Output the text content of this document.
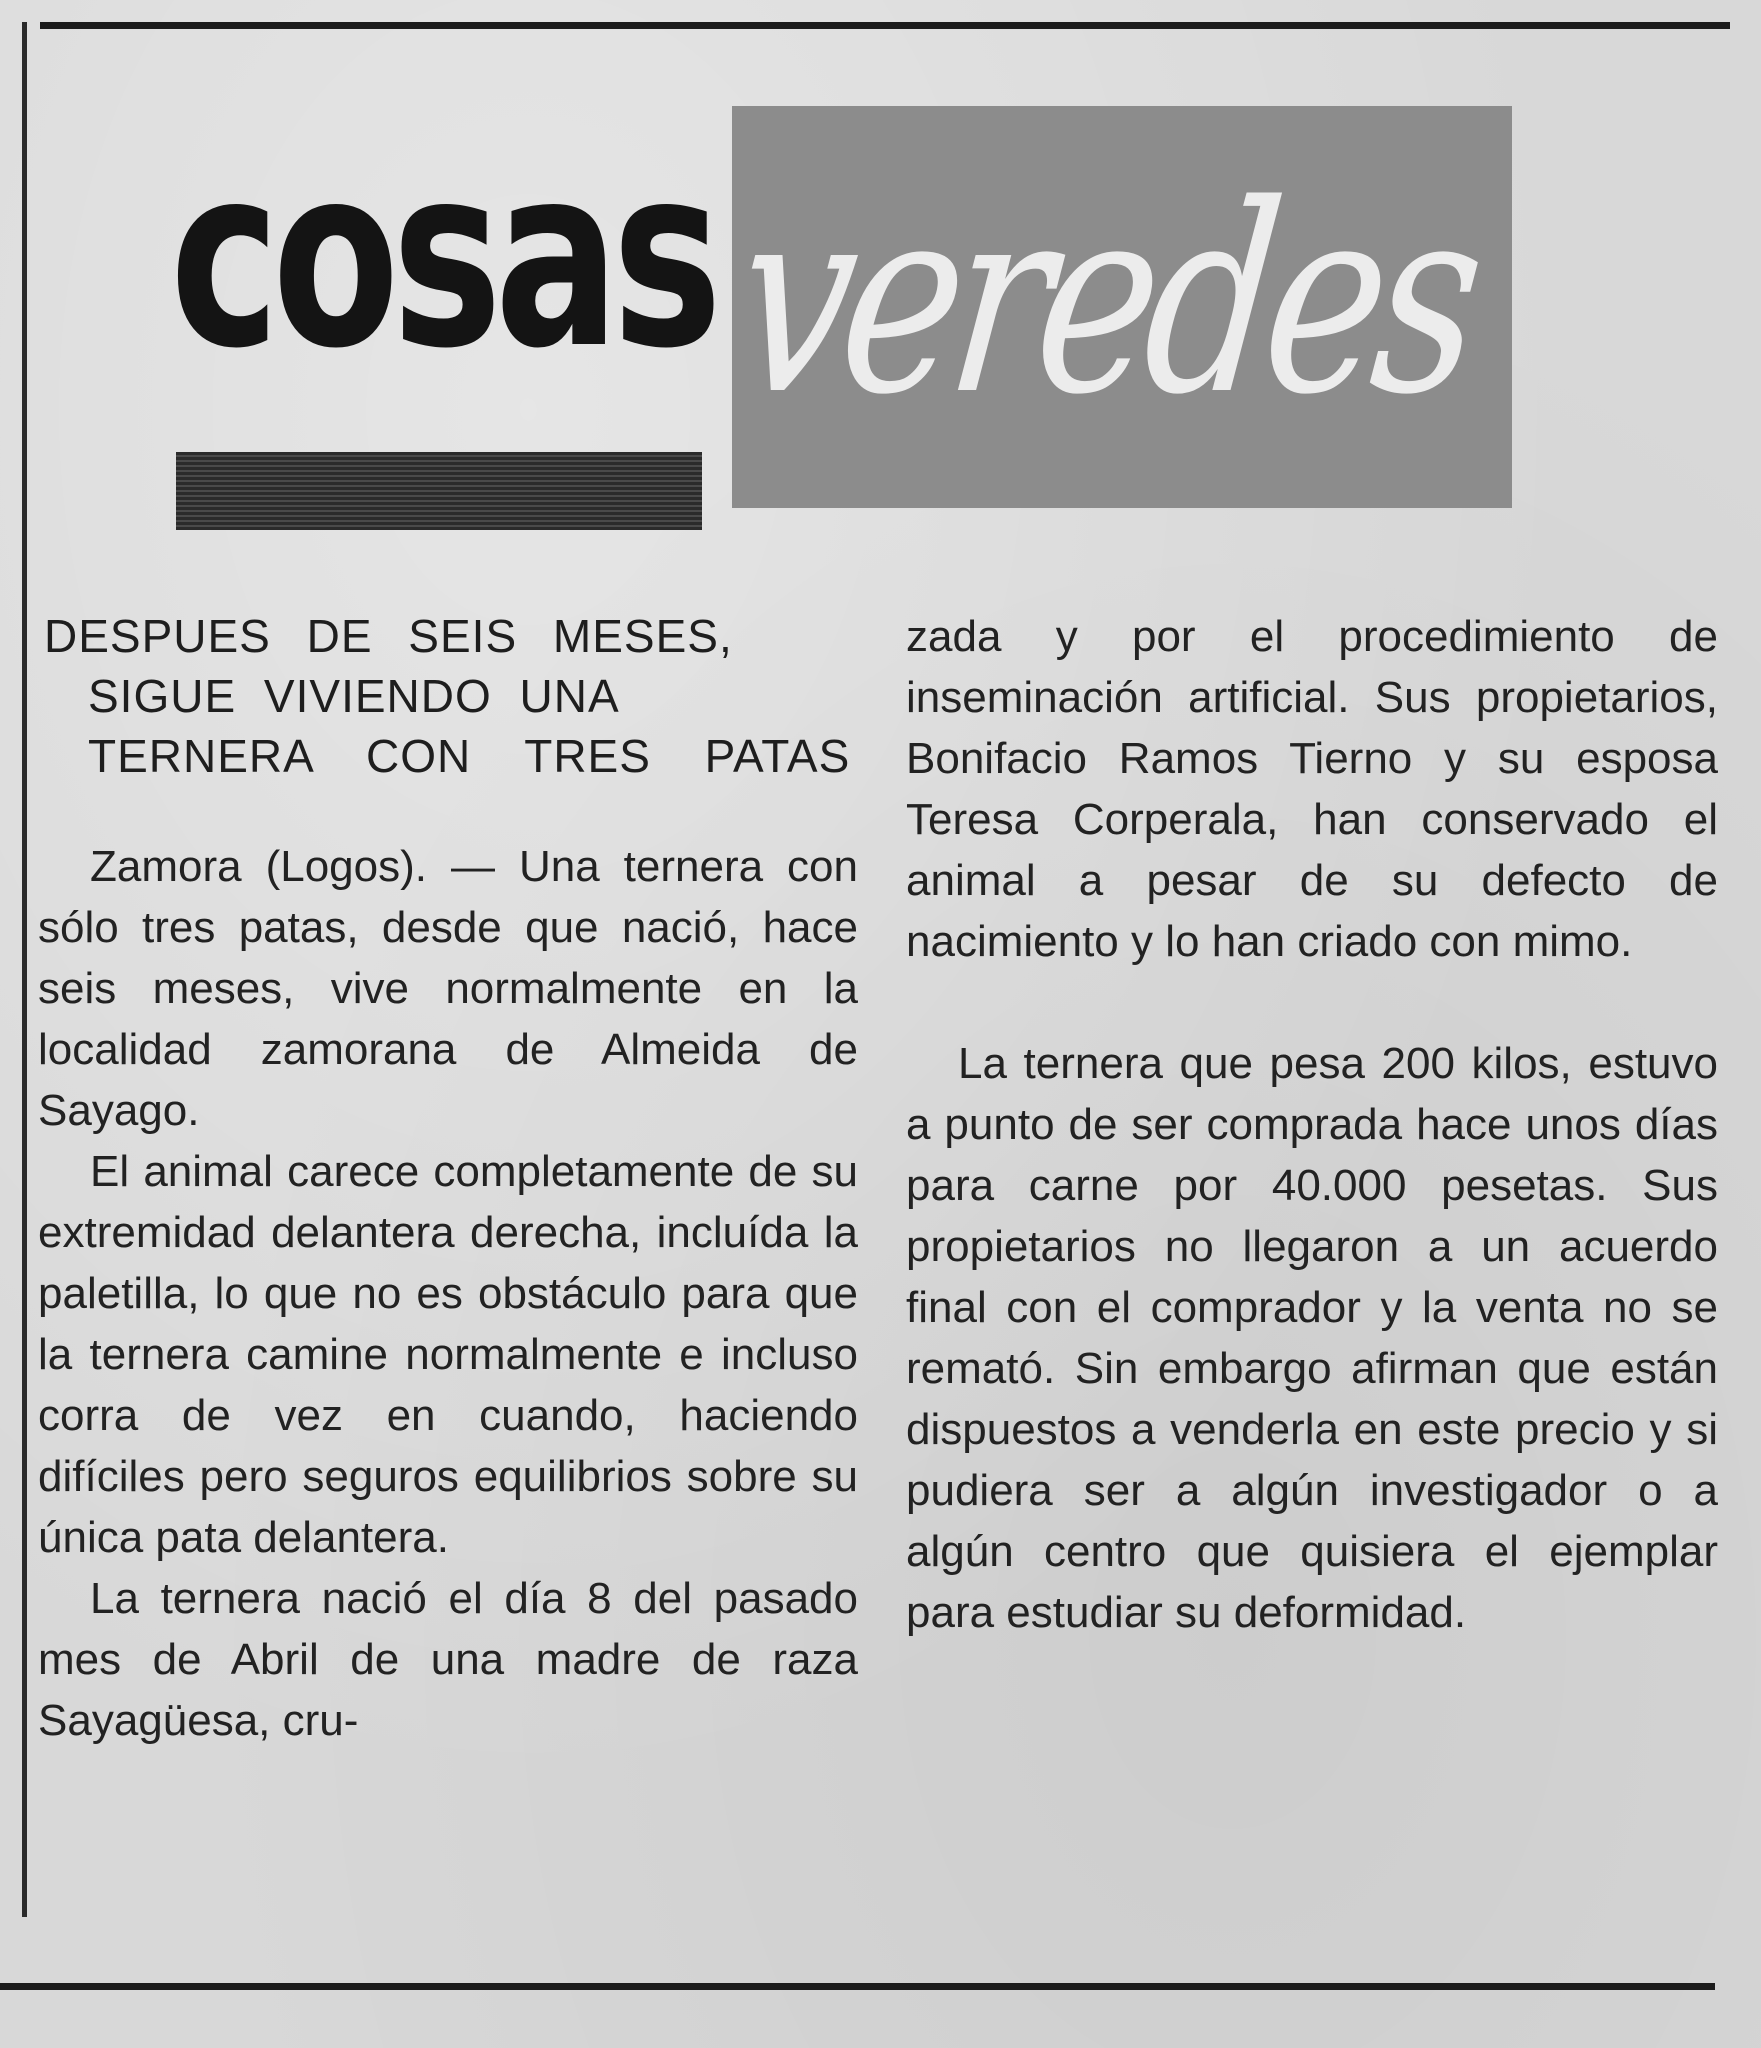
cosas veredes
DESPUES DE SEIS MESES,
SIGUE VIVIENDO UNA
TERNERA CON TRES PATAS

Zamora (Logos). — Una ternera con sólo tres patas, desde que nació, hace seis meses, vive normalmente en la localidad zamorana de Almeida de Sayago.

El animal carece completamente de su extremidad delantera derecha, incluída la paletilla, lo que no es obstáculo para que la ternera camine normalmente e incluso corra de vez en cuando, haciendo difíciles pero seguros equilibrios sobre su única pata delantera.

La ternera nació el día 8 del pasado mes de Abril de una madre de raza Sayagüesa, cru-

zada y por el procedimiento de inseminación artificial. Sus propietarios, Bonifacio Ramos Tierno y su esposa Teresa Corperala, han conservado el animal a pesar de su defecto de nacimiento y lo han criado con mimo.

La ternera que pesa 200 kilos, estuvo a punto de ser comprada hace unos días para carne por 40.000 pesetas. Sus propietarios no llegaron a un acuerdo final con el comprador y la venta no se remató. Sin embargo afirman que están dispuestos a venderla en este precio y si pudiera ser a algún investigador o a algún centro que quisiera el ejemplar para estudiar su deformidad.
